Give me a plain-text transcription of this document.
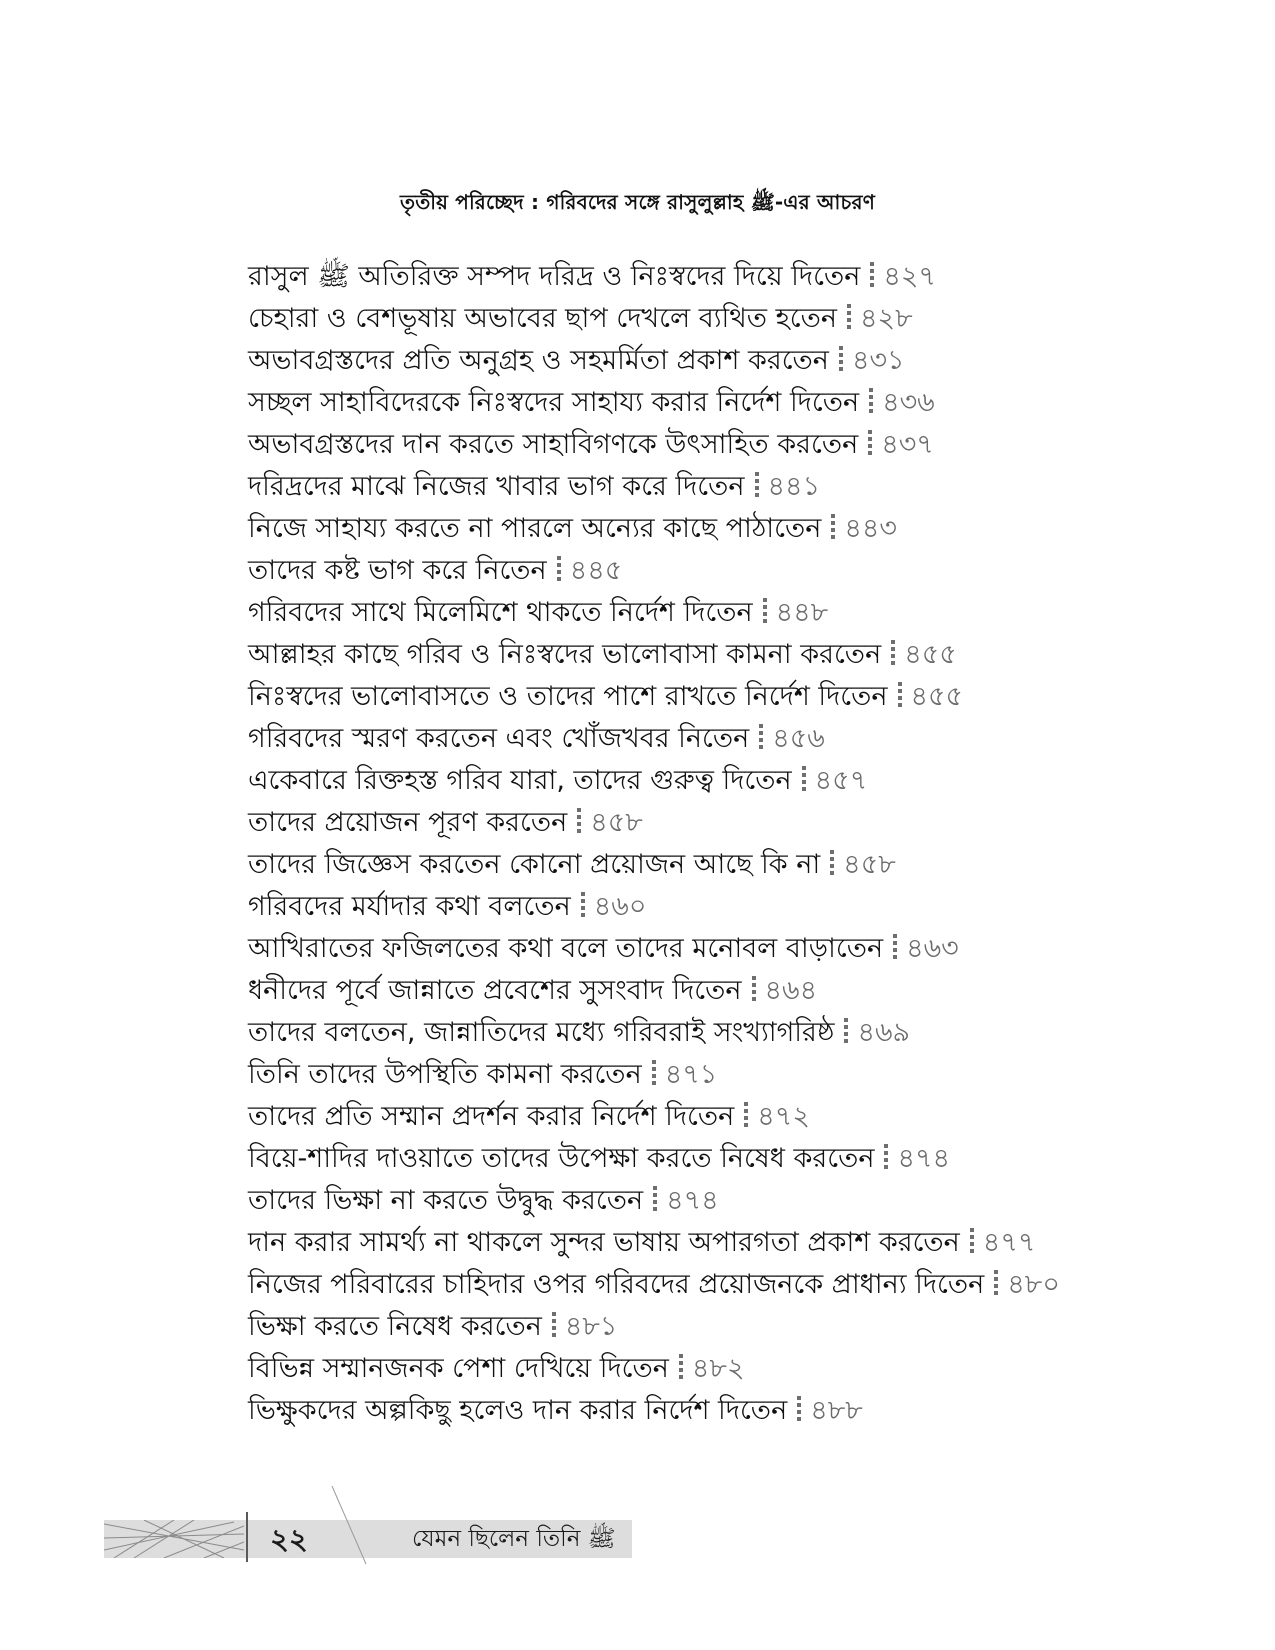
তৃতীয় পরিচ্ছেদ : গরিবদের সঙ্গে রাসুলুল্লাহ ﷺ-এর আচরণ
রাসুল ﷺ অতিরিক্ত সম্পদ দরিদ্র ও নিঃস্বদের দিয়ে দিতেন ৪২৭
চেহারা ও বেশভূষায় অভাবের ছাপ দেখলে ব্যথিত হতেন ৪২৮
অভাবগ্রস্তদের প্রতি অনুগ্রহ ও সহমর্মিতা প্রকাশ করতেন ৪৩১
সচ্ছল সাহাবিদেরকে নিঃস্বদের সাহায্য করার নির্দেশ দিতেন ৪৩৬
অভাবগ্রস্তদের দান করতে সাহাবিগণকে উৎসাহিত করতেন ৪৩৭
দরিদ্রদের মাঝে নিজের খাবার ভাগ করে দিতেন ৪৪১
নিজে সাহায্য করতে না পারলে অন্যের কাছে পাঠাতেন ৪৪৩
তাদের কষ্ট ভাগ করে নিতেন ৪৪৫
গরিবদের সাথে মিলেমিশে থাকতে নির্দেশ দিতেন ৪৪৮
আল্লাহর কাছে গরিব ও নিঃস্বদের ভালোবাসা কামনা করতেন ৪৫৫
নিঃস্বদের ভালোবাসতে ও তাদের পাশে রাখতে নির্দেশ দিতেন ৪৫৫
গরিবদের স্মরণ করতেন এবং খোঁজখবর নিতেন ৪৫৬
একেবারে রিক্তহস্ত গরিব যারা, তাদের গুরুত্ব দিতেন ৪৫৭
তাদের প্রয়োজন পূরণ করতেন ৪৫৮
তাদের জিজ্ঞেস করতেন কোনো প্রয়োজন আছে কি না ৪৫৮
গরিবদের মর্যাদার কথা বলতেন ৪৬০
আখিরাতের ফজিলতের কথা বলে তাদের মনোবল বাড়াতেন ৪৬৩
ধনীদের পূর্বে জান্নাতে প্রবেশের সুসংবাদ দিতেন ৪৬৪
তাদের বলতেন, জান্নাতিদের মধ্যে গরিবরাই সংখ্যাগরিষ্ঠ ৪৬৯
তিনি তাদের উপস্থিতি কামনা করতেন ৪৭১
তাদের প্রতি সম্মান প্রদর্শন করার নির্দেশ দিতেন ৪৭২
বিয়ে-শাদির দাওয়াতে তাদের উপেক্ষা করতে নিষেধ করতেন ৪৭৪
তাদের ভিক্ষা না করতে উদ্বুদ্ধ করতেন ৪৭৪
দান করার সামর্থ্য না থাকলে সুন্দর ভাষায় অপারগতা প্রকাশ করতেন ৪৭৭
নিজের পরিবারের চাহিদার ওপর গরিবদের প্রয়োজনকে প্রাধান্য দিতেন ৪৮০
ভিক্ষা করতে নিষেধ করতেন ৪৮১
বিভিন্ন সম্মানজনক পেশা দেখিয়ে দিতেন ৪৮২
ভিক্ষুকদের অল্পকিছু হলেও দান করার নির্দেশ দিতেন ৪৮৮
২২	যেমন ছিলেন তিনি ﷺ
